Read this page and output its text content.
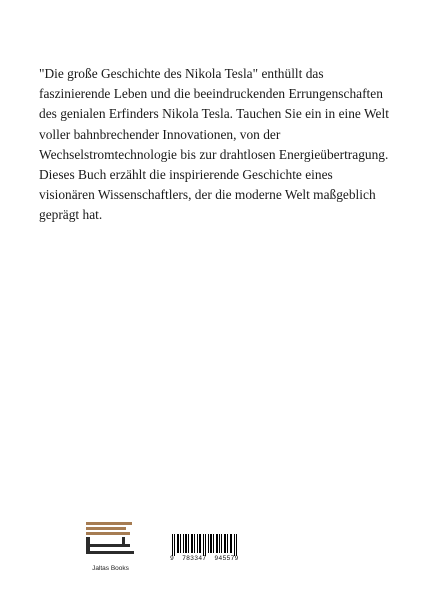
"Die große Geschichte des Nikola Tesla" enthüllt das faszinierende Leben und die beeindruckenden Errungenschaften des genialen Erfinders Nikola Tesla. Tauchen Sie ein in eine Welt voller bahnbrechender Innovationen, von der Wechselstromtechnologie bis zur drahtlosen Energieübertragung. Dieses Buch erzählt die inspirierende Geschichte eines visionären Wissenschaftlers, der die moderne Welt maßgeblich geprägt hat.

Jaltas Books
9  783347  945579
